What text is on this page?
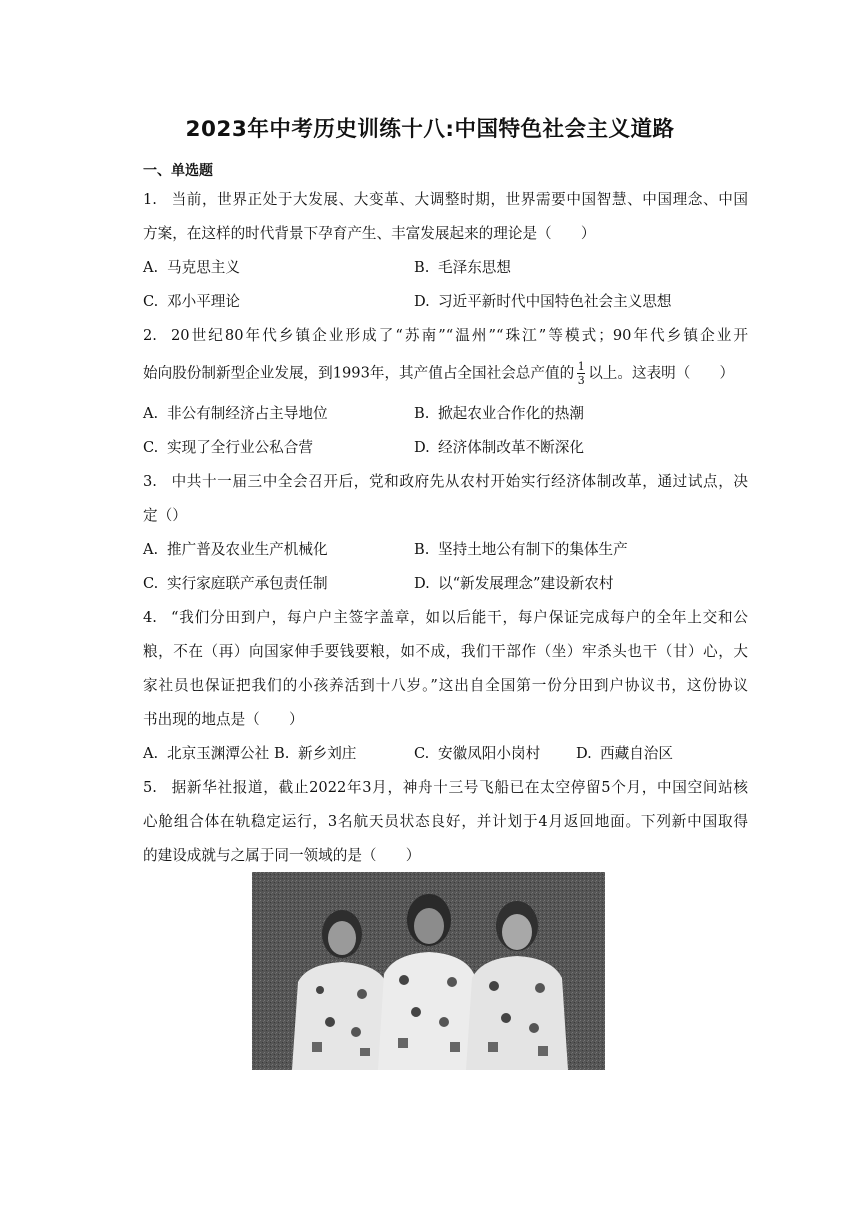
2023年中考历史训练十八:中国特色社会主义道路
一、单选题
1. 当前，世界正处于大发展、大变革、大调整时期，世界需要中国智慧、中国理念、中国
方案，在这样的时代背景下孕育产生、丰富发展起来的理论是（　　）
A. 马克思主义	B. 毛泽东思想
C. 邓小平理论	D. 习近平新时代中国特色社会主义思想
2. 20世纪80年代乡镇企业形成了“苏南”“温州”“珠江”等模式；90年代乡镇企业开
始向股份制新型企业发展，到1993年，其产值占全国社会总产值的 $\frac{1}{3}$ 以上。这表明（　　）
A. 非公有制经济占主导地位	B. 掀起农业合作化的热潮
C. 实现了全行业公私合营	D. 经济体制改革不断深化
3. 中共十一届三中全会召开后，党和政府先从农村开始实行经济体制改革，通过试点，决
定（）
A. 推广普及农业生产机械化	B. 坚持土地公有制下的集体生产
C. 实行家庭联产承包责任制	D. 以“新发展理念”建设新农村
4. “我们分田到户，每户户主签字盖章，如以后能干，每户保证完成每户的全年上交和公
粮，不在（再）向国家伸手要钱要粮，如不成，我们干部作（坐）牢杀头也干（甘）心，大
家社员也保证把我们的小孩养活到十八岁。”这出自全国第一份分田到户协议书，这份协议
书出现的地点是（　　）
A. 北京玉渊潭公社 B. 新乡刘庄	C. 安徽凤阳小岗村 D. 西藏自治区
5. 据新华社报道，截止2022年3月，神舟十三号飞船已在太空停留5个月，中国空间站核
心舱组合体在轨稳定运行，3名航天员状态良好，并计划于4月返回地面。下列新中国取得
的建设成就与之属于同一领域的是（　　）
